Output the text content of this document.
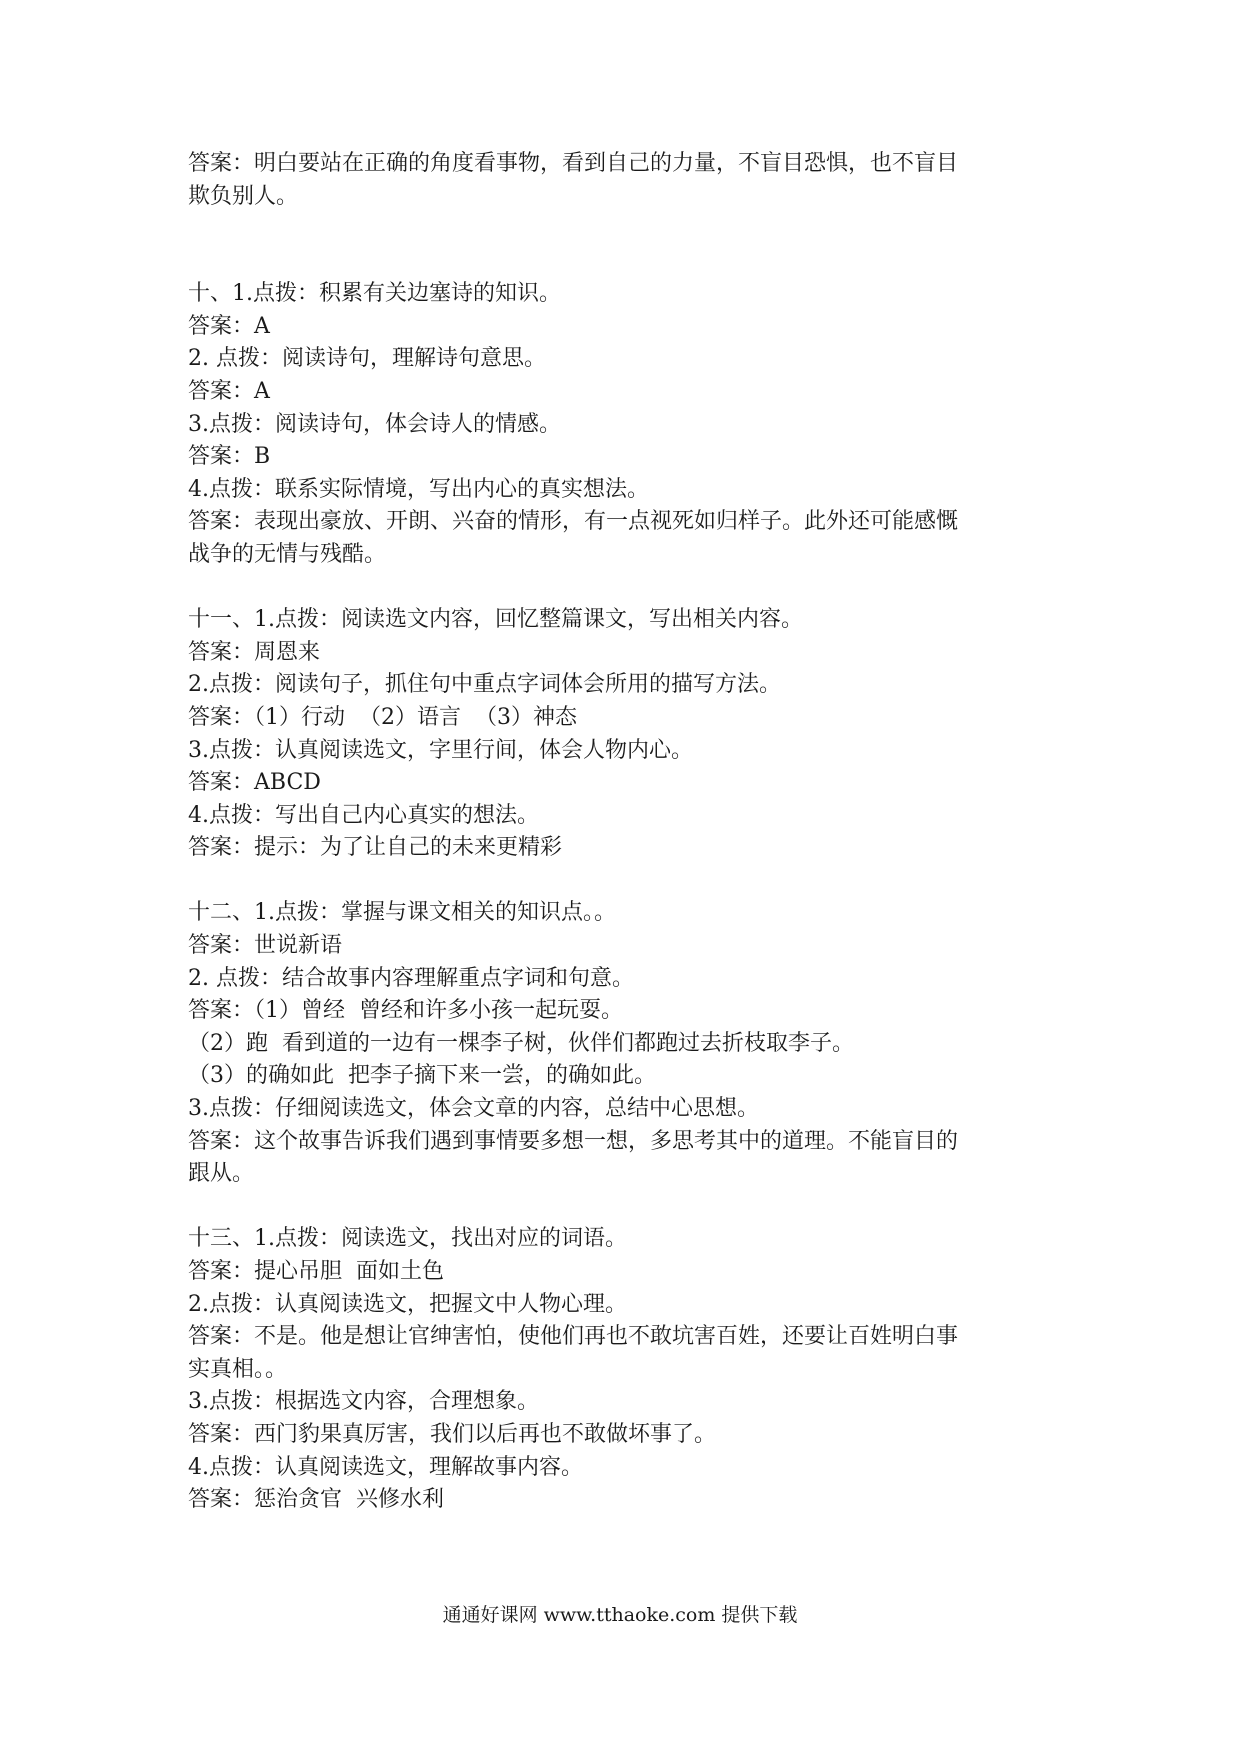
答案：明白要站在正确的角度看事物，看到自己的力量，不盲目恐惧，也不盲目
欺负别人。
十、1.点拨：积累有关边塞诗的知识。
答案：A
2. 点拨：阅读诗句，理解诗句意思。
答案：A
3.点拨：阅读诗句，体会诗人的情感。
答案：B
4.点拨：联系实际情境，写出内心的真实想法。
答案：表现出豪放、开朗、兴奋的情形，有一点视死如归样子。此外还可能感慨
战争的无情与残酷。
十一、1.点拨：阅读选文内容，回忆整篇课文，写出相关内容。
答案：周恩来
2.点拨：阅读句子，抓住句中重点字词体会所用的描写方法。
答案：（1）行动  （2）语言  （3）神态
3.点拨：认真阅读选文，字里行间，体会人物内心。
答案：ABCD
4.点拨：写出自己内心真实的想法。
答案：提示：为了让自己的未来更精彩
十二、1.点拨：掌握与课文相关的知识点。。
答案：世说新语
2. 点拨：结合故事内容理解重点字词和句意。
答案：（1）曾经  曾经和许多小孩一起玩耍。
（2）跑  看到道的一边有一棵李子树，伙伴们都跑过去折枝取李子。
（3）的确如此  把李子摘下来一尝，的确如此。
3.点拨：仔细阅读选文，体会文章的内容，总结中心思想。
答案：这个故事告诉我们遇到事情要多想一想，多思考其中的道理。不能盲目的
跟从。
十三、1.点拨：阅读选文，找出对应的词语。
答案：提心吊胆  面如土色
2.点拨：认真阅读选文，把握文中人物心理。
答案：不是。他是想让官绅害怕，使他们再也不敢坑害百姓，还要让百姓明白事
实真相。。
3.点拨：根据选文内容，合理想象。
答案：西门豹果真厉害，我们以后再也不敢做坏事了。
4.点拨：认真阅读选文，理解故事内容。
答案：惩治贪官  兴修水利
通通好课网 www.tthaoke.com 提供下载
